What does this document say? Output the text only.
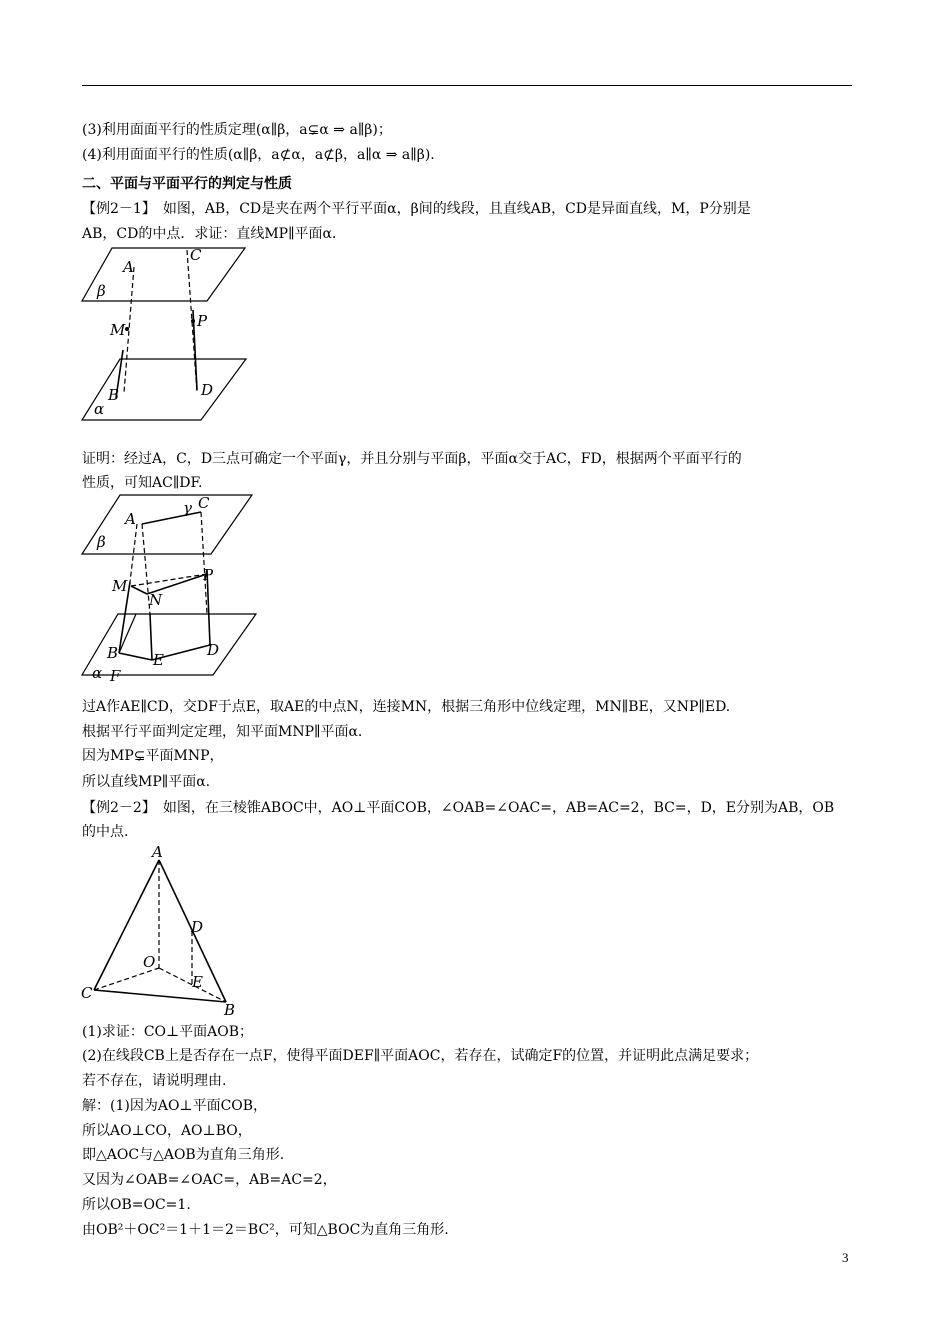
(3)利用面面平行的性质定理(α∥β，a⊊α ⇒ a∥β)；
(4)利用面面平行的性质(α∥β，a⊄α，a⊄β，a∥α ⇒ a∥β).
二、平面与平面平行的判定与性质
【例2－1】　如图，AB，CD是夹在两个平行平面α，β间的线段，且直线AB，CD是异面直线，M，P分别是
AB，CD的中点．求证：直线MP∥平面α．
A
C
β
M	P
B	D
α
证明：经过A，C，D三点可确定一个平面γ，并且分别与平面β，平面α交于AC，FD，根据两个平面平行的
性质，可知AC∥DF.
A
γ C
β
M
P
N
B E
D
α F
过A作AE∥CD，交DF于点E，取AE的中点N，连接MN，根据三角形中位线定理，MN∥BE，又NP∥ED.
根据平行平面判定定理，知平面MNP∥平面α.
因为MP⊊平面MNP，
所以直线MP∥平面α.
【例2－2】　如图，在三棱锥ABOC中，AO⊥平面COB，∠OAB=∠OAC=，AB=AC=2，BC=，D，E分别为AB，OB
的中点.
A
D
O
E
C
B
(1)求证：CO⊥平面AOB；
(2)在线段CB上是否存在一点F，使得平面DEF∥平面AOC，若存在，试确定F的位置，并证明此点满足要求；
若不存在，请说明理由.
解：(1)因为AO⊥平面COB，
所以AO⊥CO，AO⊥BO，
即△AOC与△AOB为直角三角形.
又因为∠OAB=∠OAC=，AB=AC=2，
所以OB=OC=1.
由OB²＋OC²＝1＋1＝2＝BC²，可知△BOC为直角三角形.
3
